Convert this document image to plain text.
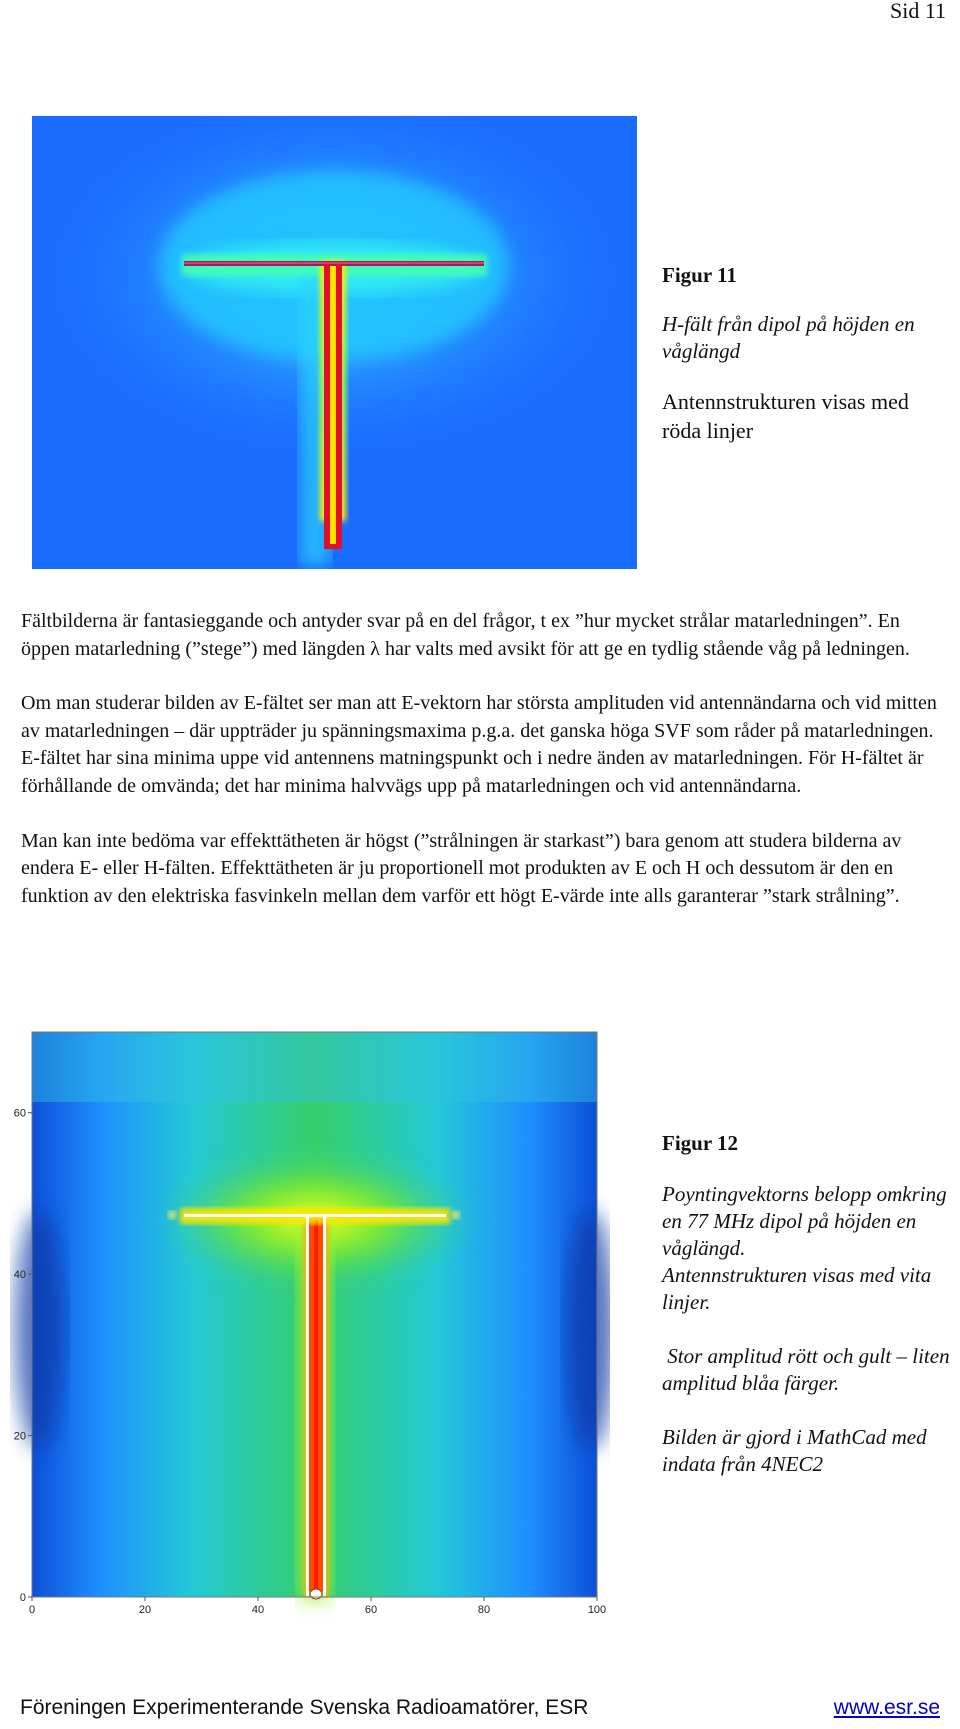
Sid 11
Figur 11
H-fält från dipol på höjden en våglängd
Antennstrukturen visas med röda linjer

Fältbilderna är fantasieggande och antyder svar på en del frågor, t ex ”hur mycket strålar matarledningen”. En öppen matarledning (”stege”) med längden λ har valts med avsikt för att ge en tydlig stående våg på ledningen.

Om man studerar bilden av E-fältet ser man att E-vektorn har största amplituden vid antennändarna och vid mitten av matarledningen – där uppträder ju spänningsmaxima p.g.a. det ganska höga SVF som råder på matarledningen. E-fältet har sina minima uppe vid antennens matningspunkt och i nedre änden av matarledningen. För H-fältet är förhållande de omvända; det har minima halvvägs upp på matarledningen och vid antennändarna.

Man kan inte bedöma var effekttätheten är högst (”strålningen är starkast”) bara genom att studera bilderna av endera E- eller H-fälten. Effekttätheten är ju proportionell mot produkten av E och H och dessutom är den en funktion av den elektriska fasvinkeln mellan dem varför ett högt E-värde inte alls garanterar ”stark strålning”.

0	20	40	60	80	100
0
20
40
60
Figur 12
Poyntingvektorns belopp omkring en 77 MHz dipol på höjden en våglängd.
Antennstrukturen visas med vita linjer.
Stor amplitud rött och gult – liten amplitud blåa färger.
Bilden är gjord i MathCad med indata från 4NEC2
Föreningen Experimenterande Svenska Radioamatörer, ESR	www.esr.se
